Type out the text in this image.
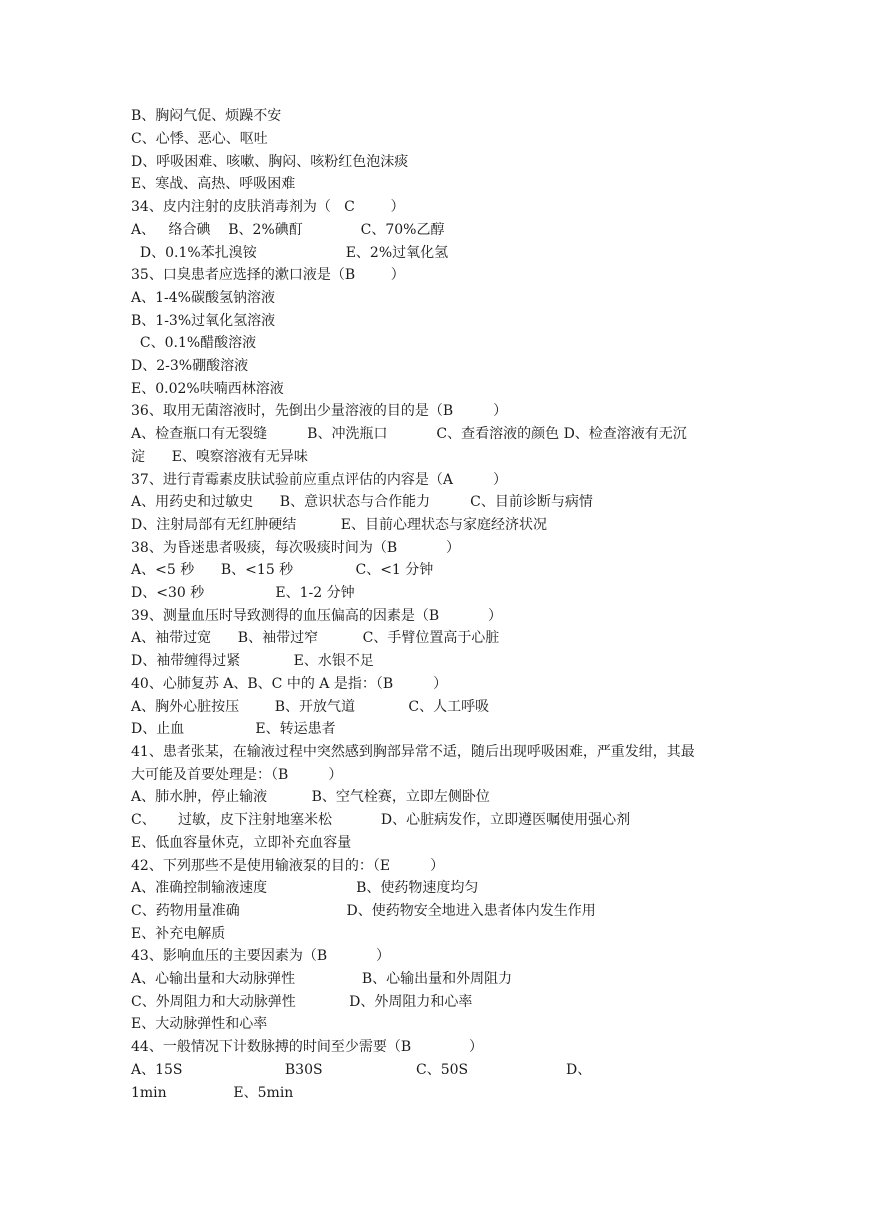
B、胸闷气促、烦躁不安

C、心悸、恶心、呕吐

D、呼吸困难、咳嗽、胸闷、咳粉红色泡沫痰

E、寒战、高热、呼吸困难

34、皮内注射的皮肤消毒剂为（   C        ）

A、   络合碘    B、2%碘酊             C、70%乙醇

D、0.1%苯扎溴铵                    E、2%过氧化氢

35、口臭患者应选择的漱口液是（B        ）

A、1-4%碳酸氢钠溶液

B、1-3%过氧化氢溶液

C、0.1%醋酸溶液

D、2-3%硼酸溶液

E、0.02%呋喃西林溶液

36、取用无菌溶液时，先倒出少量溶液的目的是（B         ）

A、检查瓶口有无裂缝         B、冲洗瓶口           C、查看溶液的颜色 D、检查溶液有无沉

淀      E、嗅察溶液有无异味

37、进行青霉素皮肤试验前应重点评估的内容是（A         ）

A、用药史和过敏史      B、意识状态与合作能力         C、目前诊断与病情

D、注射局部有无红肿硬结          E、目前心理状态与家庭经济状况

38、为昏迷患者吸痰，每次吸痰时间为（B           ）

A、<5 秒      B、<15 秒              C、<1 分钟

D、<30 秒                E、1-2 分钟

39、测量血压时导致测得的血压偏高的因素是（B           ）

A、袖带过宽      B、袖带过窄          C、手臂位置高于心脏

D、袖带缠得过紧            E、水银不足

40、心肺复苏 A、B、C 中的 A 是指：（B         ）

A、胸外心脏按压        B、开放气道            C、人工呼吸

D、止血                E、转运患者

41、患者张某，在输液过程中突然感到胸部异常不适，随后出现呼吸困难，严重发绀，其最

大可能及首要处理是：（B         ）

A、肺水肿，停止输液          B、空气栓赛，立即左侧卧位

C、     过敏，皮下注射地塞米松           D、心脏病发作，立即遵医嘱使用强心剂

E、低血容量休克，立即补充血容量

42、下列那些不是使用输液泵的目的：（E         ）

A、准确控制输液速度                    B、使药物速度均匀

C、药物用量准确                        D、使药物安全地进入患者体内发生作用

E、补充电解质

43、影响血压的主要因素为（B           ）

A、心输出量和大动脉弹性               B、心输出量和外周阻力

C、外周阻力和大动脉弹性            D、外周阻力和心率

E、大动脉弹性和心率

44、一般情况下计数脉搏的时间至少需要（B             ）

A、15S                       B30S                     C、50S                      D、

1min               E、5min
